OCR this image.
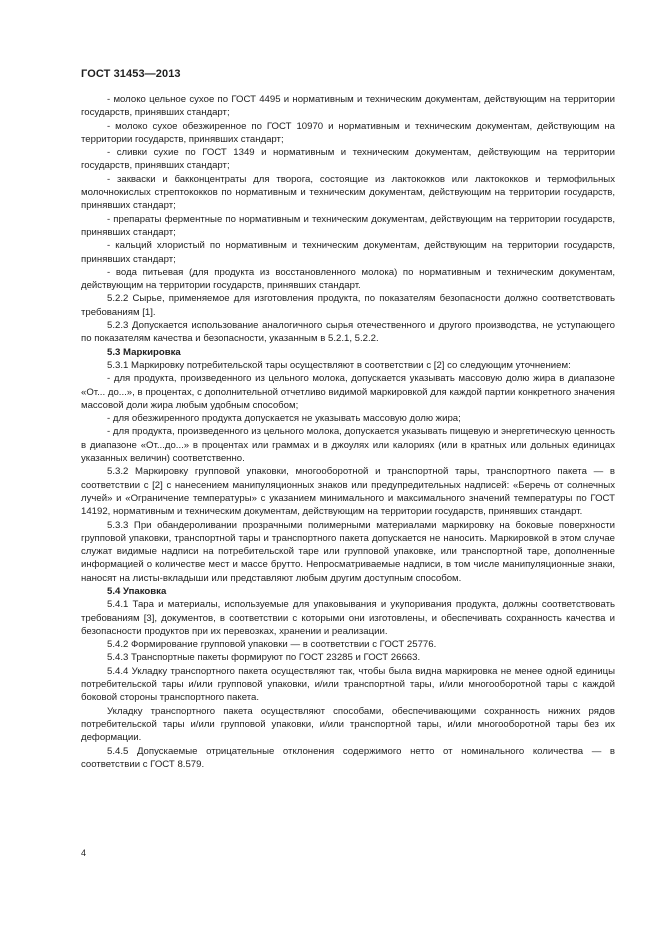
ГОСТ 31453—2013

- молоко цельное сухое по ГОСТ 4495 и нормативным и техническим документам, действующим на территории государств, принявших стандарт;

- молоко сухое обезжиренное по ГОСТ 10970 и нормативным и техническим документам, действующим на территории государств, принявших стандарт;

- сливки сухие по ГОСТ 1349 и нормативным и техническим документам, действующим на территории государств, принявших стандарт;

- закваски и бакконцентраты для творога, состоящие из лактококков или лактококков и термофильных молочнокислых стрептококков по нормативным и техническим документам, действующим на территории государств, принявших стандарт;

- препараты ферментные по нормативным и техническим документам, действующим на территории государств, принявших стандарт;

- кальций хлористый по нормативным и техническим документам, действующим на территории государств, принявших стандарт;

- вода питьевая (для продукта из восстановленного молока) по нормативным и техническим документам, действующим на территории государств, принявших стандарт.

5.2.2 Сырье, применяемое для изготовления продукта, по показателям безопасности должно соответствовать требованиям [1].

5.2.3 Допускается использование аналогичного сырья отечественного и другого производства, не уступающего по показателям качества и безопасности, указанным в 5.2.1, 5.2.2.

5.3 Маркировка

5.3.1 Маркировку потребительской тары осуществляют в соответствии с [2] со следующим уточнением:

- для продукта, произведенного из цельного молока, допускается указывать массовую долю жира в диапазоне «От... до...», в процентах, с дополнительной отчетливо видимой маркировкой для каждой партии конкретного значения массовой доли жира любым удобным способом;

- для обезжиренного продукта допускается не указывать массовую долю жира;

- для продукта, произведенного из цельного молока, допускается указывать пищевую и энергетическую ценность в диапазоне «От...до...» в процентах или граммах и в джоулях или калориях (или в кратных или дольных единицах указанных величин) соответственно.

5.3.2 Маркировку групповой упаковки, многооборотной и транспортной тары, транспортного пакета — в соответствии с [2] с нанесением манипуляционных знаков или предупредительных надписей: «Беречь от солнечных лучей» и «Ограничение температуры» с указанием минимального и максимального значений температуры по ГОСТ 14192, нормативным и техническим документам, действующим на территории государств, принявших стандарт.

5.3.3 При обандероливании прозрачными полимерными материалами маркировку на боковые поверхности групповой упаковки, транспортной тары и транспортного пакета допускается не наносить. Маркировкой в этом случае служат видимые надписи на потребительской таре или групповой упаковке, или транспортной таре, дополненные информацией о количестве мест и массе брутто. Непросматриваемые надписи, в том числе манипуляционные знаки, наносят на листы-вкладыши или представляют любым другим доступным способом.

5.4 Упаковка

5.4.1 Тара и материалы, используемые для упаковывания и укупоривания продукта, должны соответствовать требованиям [3], документов, в соответствии с которыми они изготовлены, и обеспечивать сохранность качества и безопасности продуктов при их перевозках, хранении и реализации.

5.4.2 Формирование групповой упаковки — в соответствии с ГОСТ 25776.

5.4.3 Транспортные пакеты формируют по ГОСТ 23285 и ГОСТ 26663.

5.4.4 Укладку транспортного пакета осуществляют так, чтобы была видна маркировка не менее одной единицы потребительской тары и/или групповой упаковки, и/или транспортной тары, и/или многооборотной тары с каждой боковой стороны транспортного пакета.

Укладку транспортного пакета осуществляют способами, обеспечивающими сохранность нижних рядов потребительской тары и/или групповой упаковки, и/или транспортной тары, и/или многооборотной тары без их деформации.

5.4.5 Допускаемые отрицательные отклонения содержимого нетто от номинального количества — в соответствии с ГОСТ 8.579.

4
